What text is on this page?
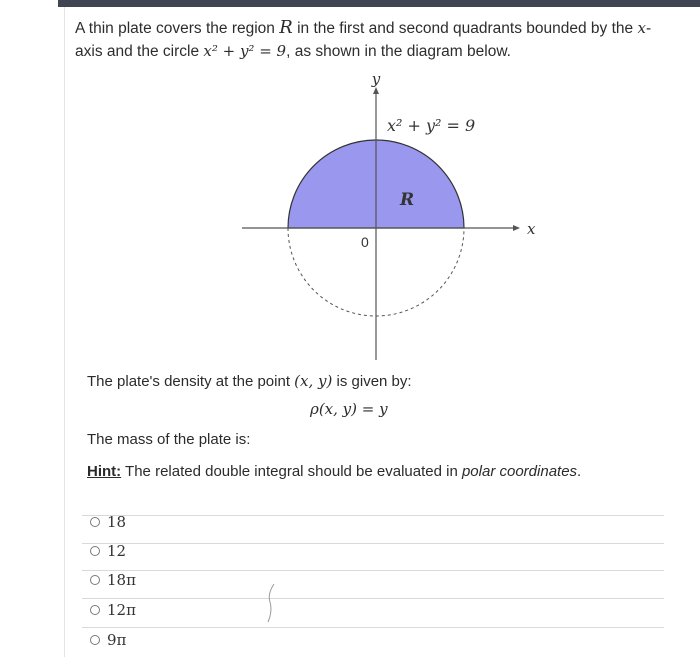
A thin plate covers the region R in the first and second quadrants bounded by the x-
axis and the circle x² + y² = 9, as shown in the diagram below.
y
x
0
x² + y² = 9
R
The plate's density at the point (x, y) is given by:
ρ(x, y) = y
The mass of the plate is:
Hint: The related double integral should be evaluated in polar coordinates.
18
12
18π
12π
9π
